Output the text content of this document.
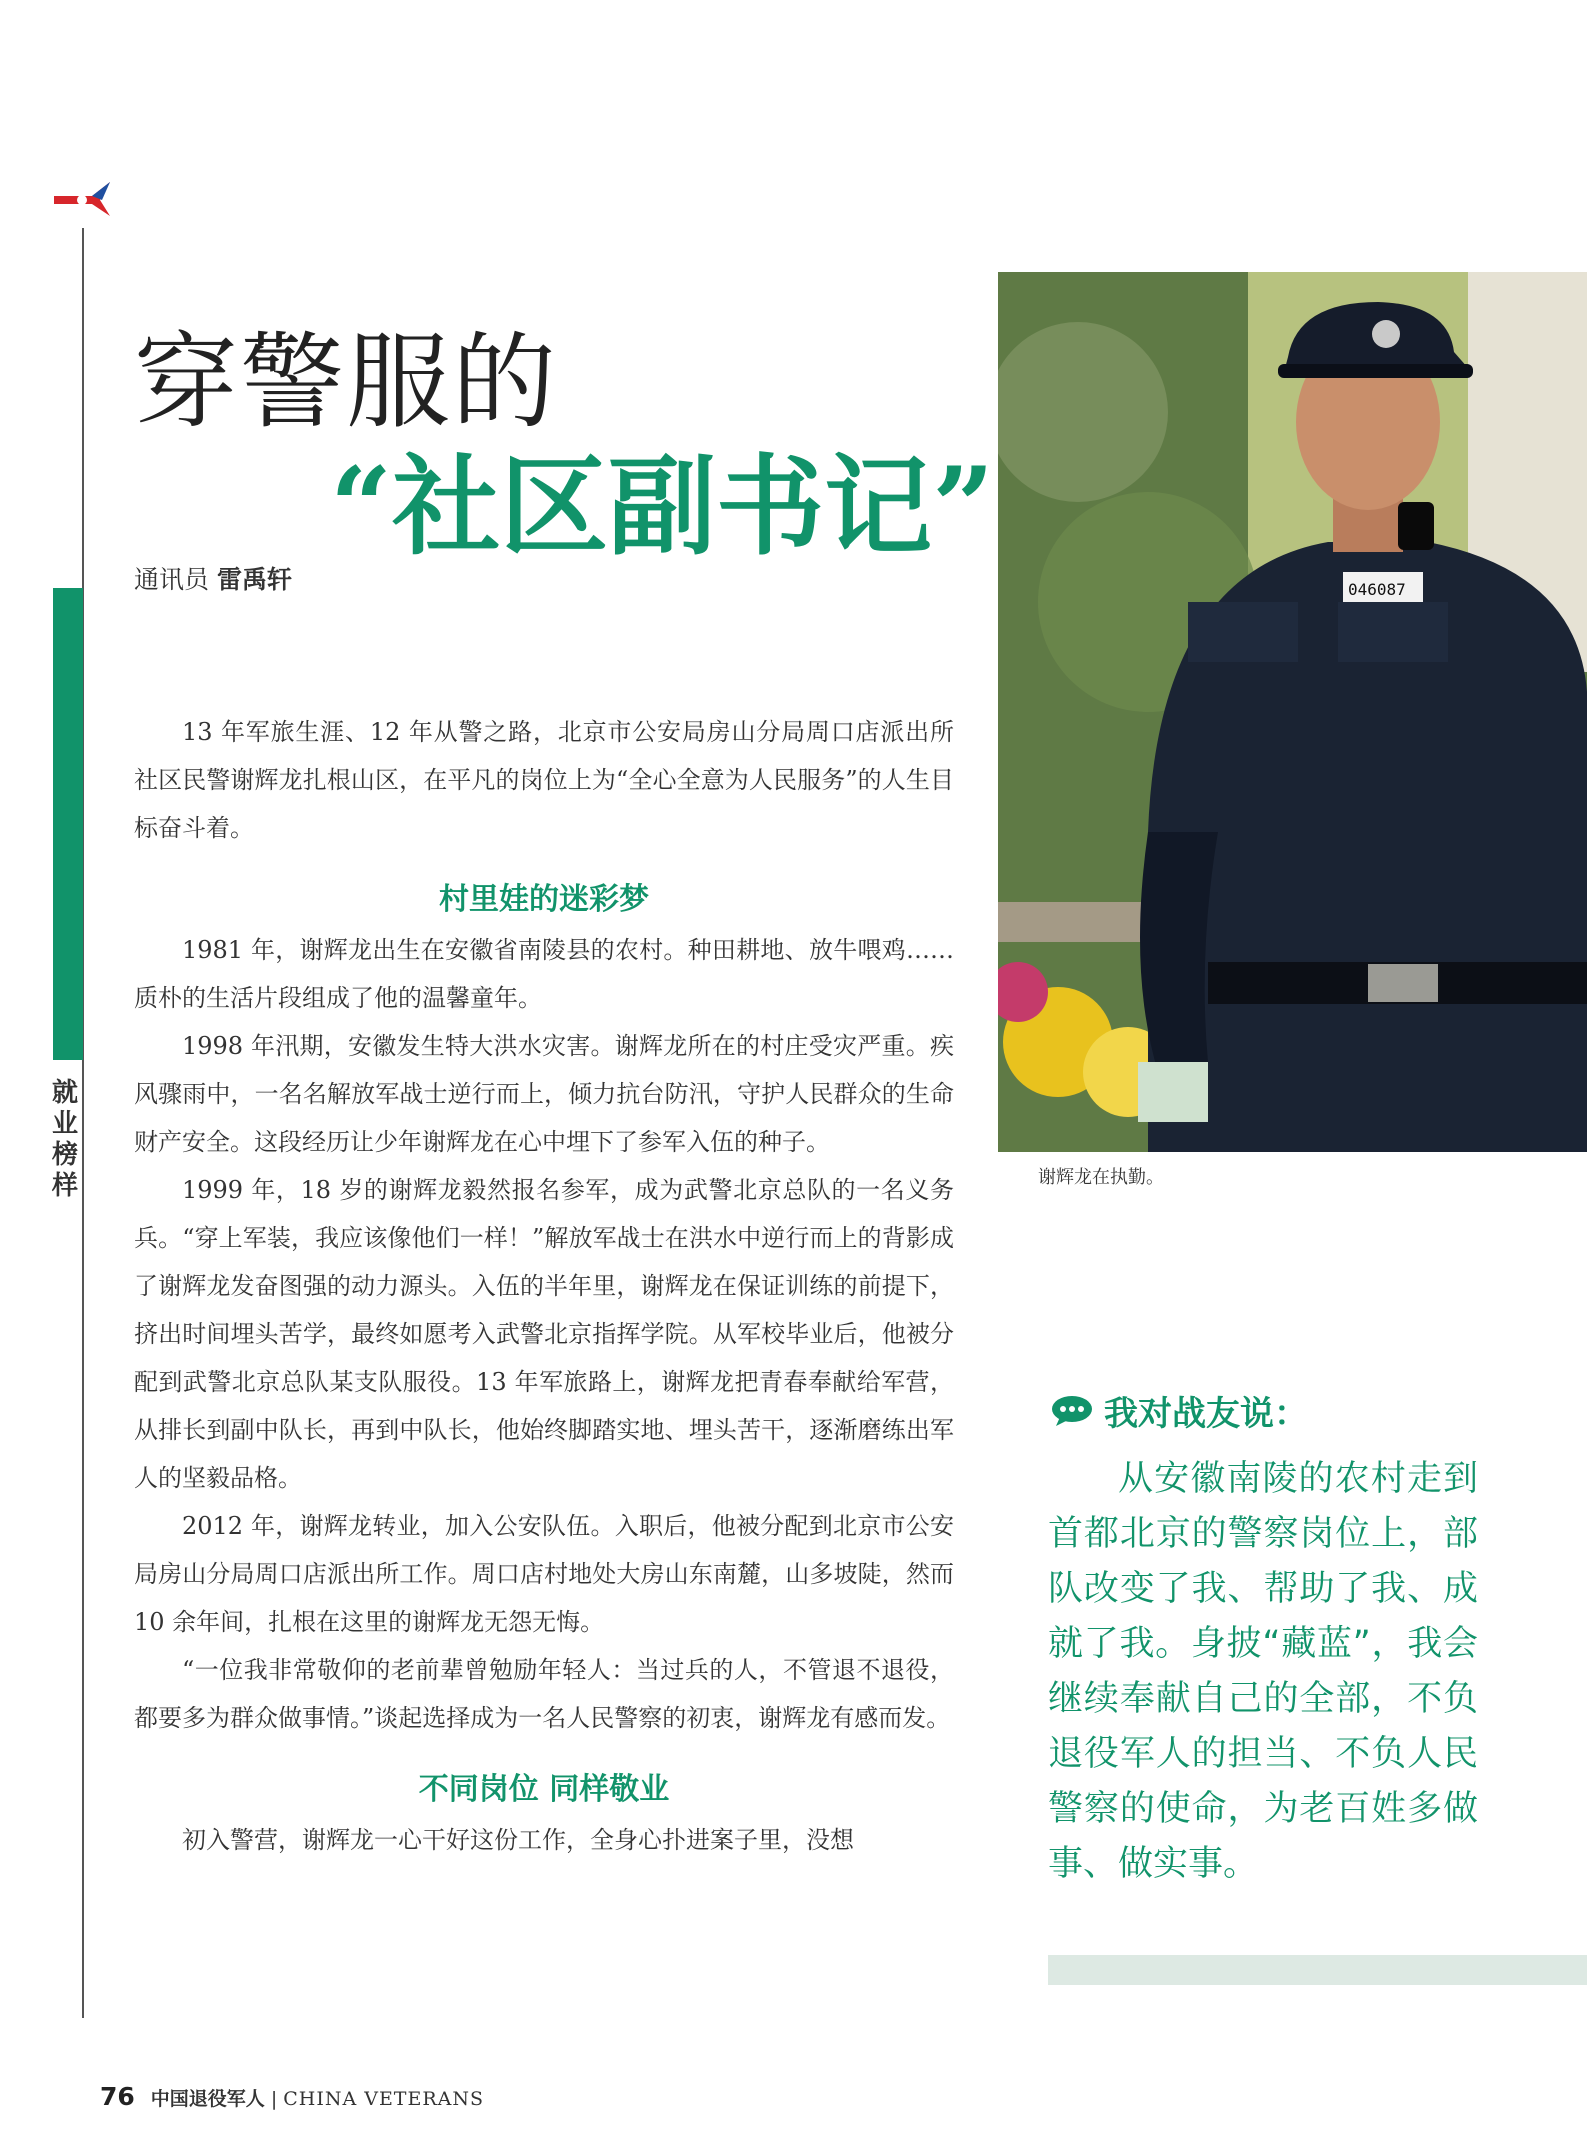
就业榜样
穿警服的
“社区副书记”
通讯员 雷禹轩

13 年军旅生涯、12 年从警之路，北京市公安局房山分局周口店派出所社区民警谢辉龙扎根山区，在平凡的岗位上为“全心全意为人民服务”的人生目标奋斗着。

村里娃的迷彩梦

1981 年，谢辉龙出生在安徽省南陵县的农村。种田耕地、放牛喂鸡……质朴的生活片段组成了他的温馨童年。

1998 年汛期，安徽发生特大洪水灾害。谢辉龙所在的村庄受灾严重。疾风骤雨中，一名名解放军战士逆行而上，倾力抗台防汛，守护人民群众的生命财产安全。这段经历让少年谢辉龙在心中埋下了参军入伍的种子。

1999 年，18 岁的谢辉龙毅然报名参军，成为武警北京总队的一名义务兵。“穿上军装，我应该像他们一样！”解放军战士在洪水中逆行而上的背影成了谢辉龙发奋图强的动力源头。入伍的半年里，谢辉龙在保证训练的前提下，挤出时间埋头苦学，最终如愿考入武警北京指挥学院。从军校毕业后，他被分配到武警北京总队某支队服役。13 年军旅路上，谢辉龙把青春奉献给军营，从排长到副中队长，再到中队长，他始终脚踏实地、埋头苦干，逐渐磨练出军人的坚毅品格。

2012 年，谢辉龙转业，加入公安队伍。入职后，他被分配到北京市公安局房山分局周口店派出所工作。周口店村地处大房山东南麓，山多坡陡，然而 10 余年间，扎根在这里的谢辉龙无怨无悔。

“一位我非常敬仰的老前辈曾勉励年轻人：当过兵的人，不管退不退役，都要多为群众做事情。”谈起选择成为一名人民警察的初衷，谢辉龙有感而发。

不同岗位 同样敬业

初入警营，谢辉龙一心干好这份工作，全身心扑进案子里，没想

046087
谢辉龙在执勤。
我对战友说：
从安徽南陵的农村走到首都北京的警察岗位上，部队改变了我、帮助了我、成就了我。身披“藏蓝”，我会继续奉献自己的全部，不负退役军人的担当、不负人民警察的使命，为老百姓多做事、做实事。
76 中国退役军人 | CHINA VETERANS
